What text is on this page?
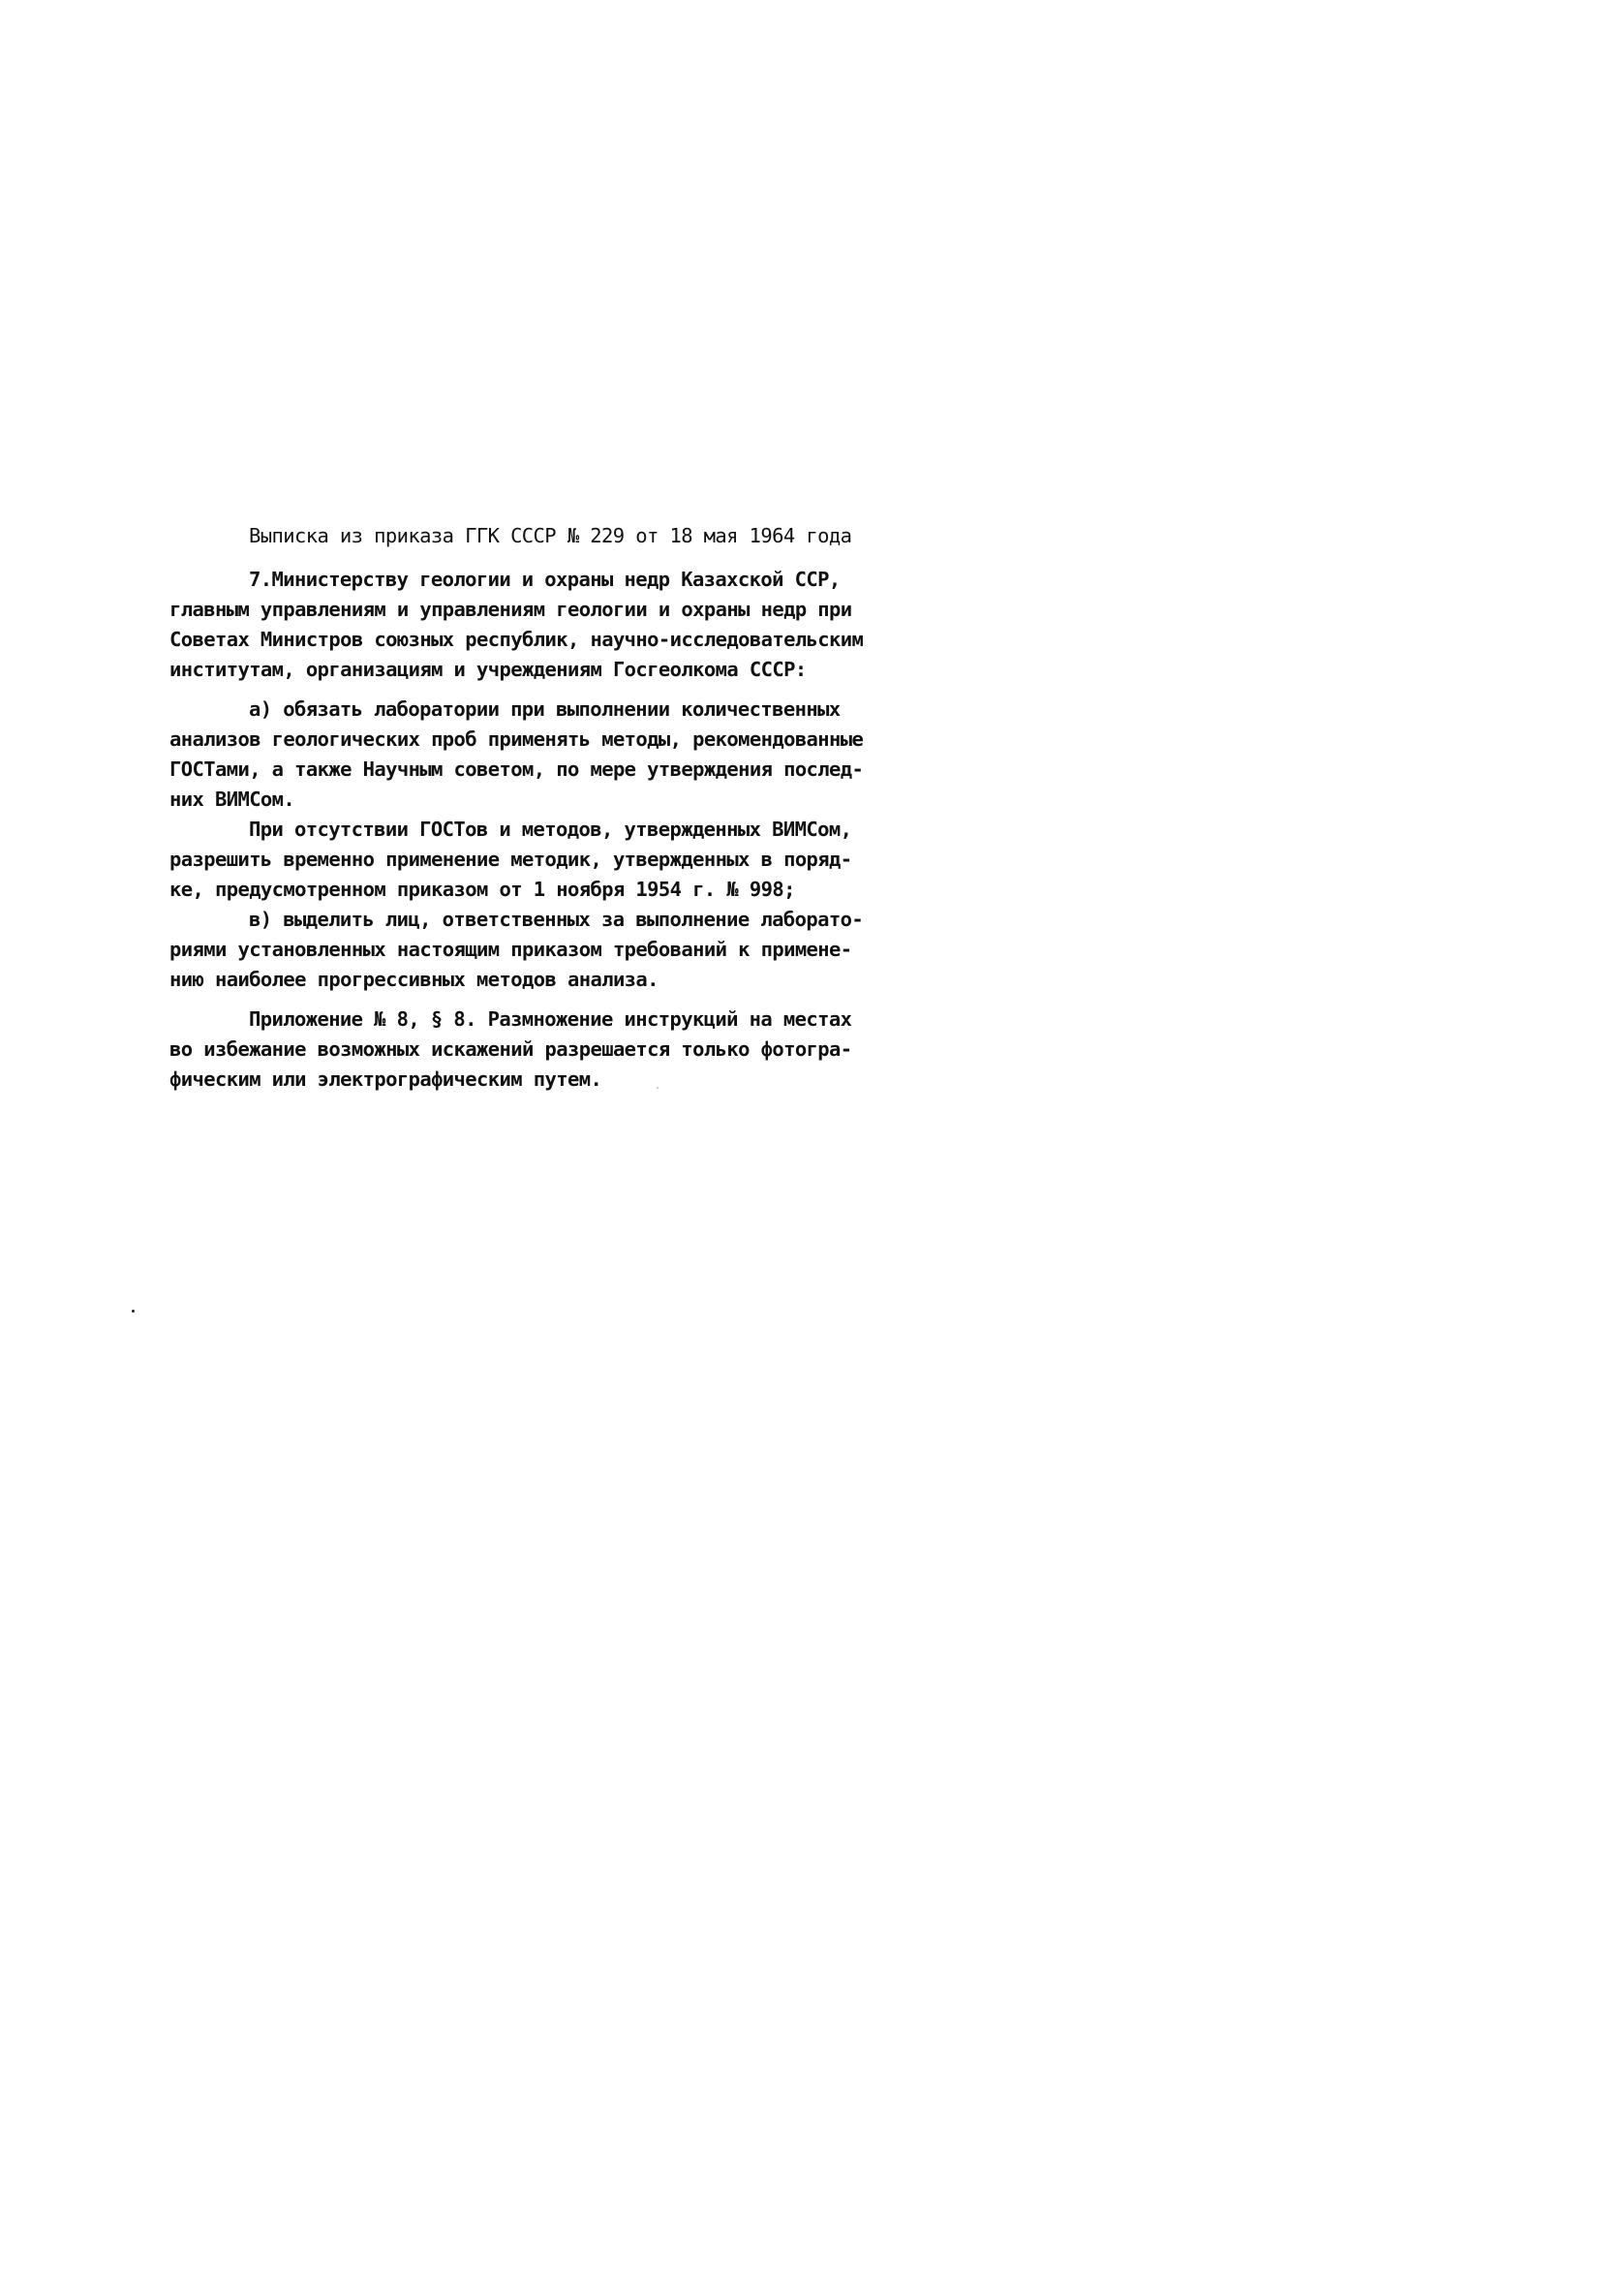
Выписка из приказа ГГК СССР № 229 от 18 мая 1964 года
7.Министерству геологии и охраны недр Казахской ССР,
главным управлениям и управлениям геологии и охраны недр при
Советах Министров союзных республик, научно-исследовательским
институтам, организациям и учреждениям Госгеолкома СССР:
а) обязать лаборатории при выполнении количественных
анализов геологических проб применять методы, рекомендованные
ГОСТами, а также Научным советом, по мере утверждения послед-
них ВИМСом.
При отсутствии ГОСТов и методов, утвержденных ВИМСом,
разрешить временно применение методик, утвержденных в поряд-
ке, предусмотренном приказом от 1 ноября 1954 г. № 998;
в) выделить лиц, ответственных за выполнение лаборато-
риями установленных настоящим приказом требований к примене-
нию наиболее прогрессивных методов анализа.
Приложение № 8, § 8. Размножение инструкций на местах
во избежание возможных искажений разрешается только фотогра-
фическим или электрографическим путем.
